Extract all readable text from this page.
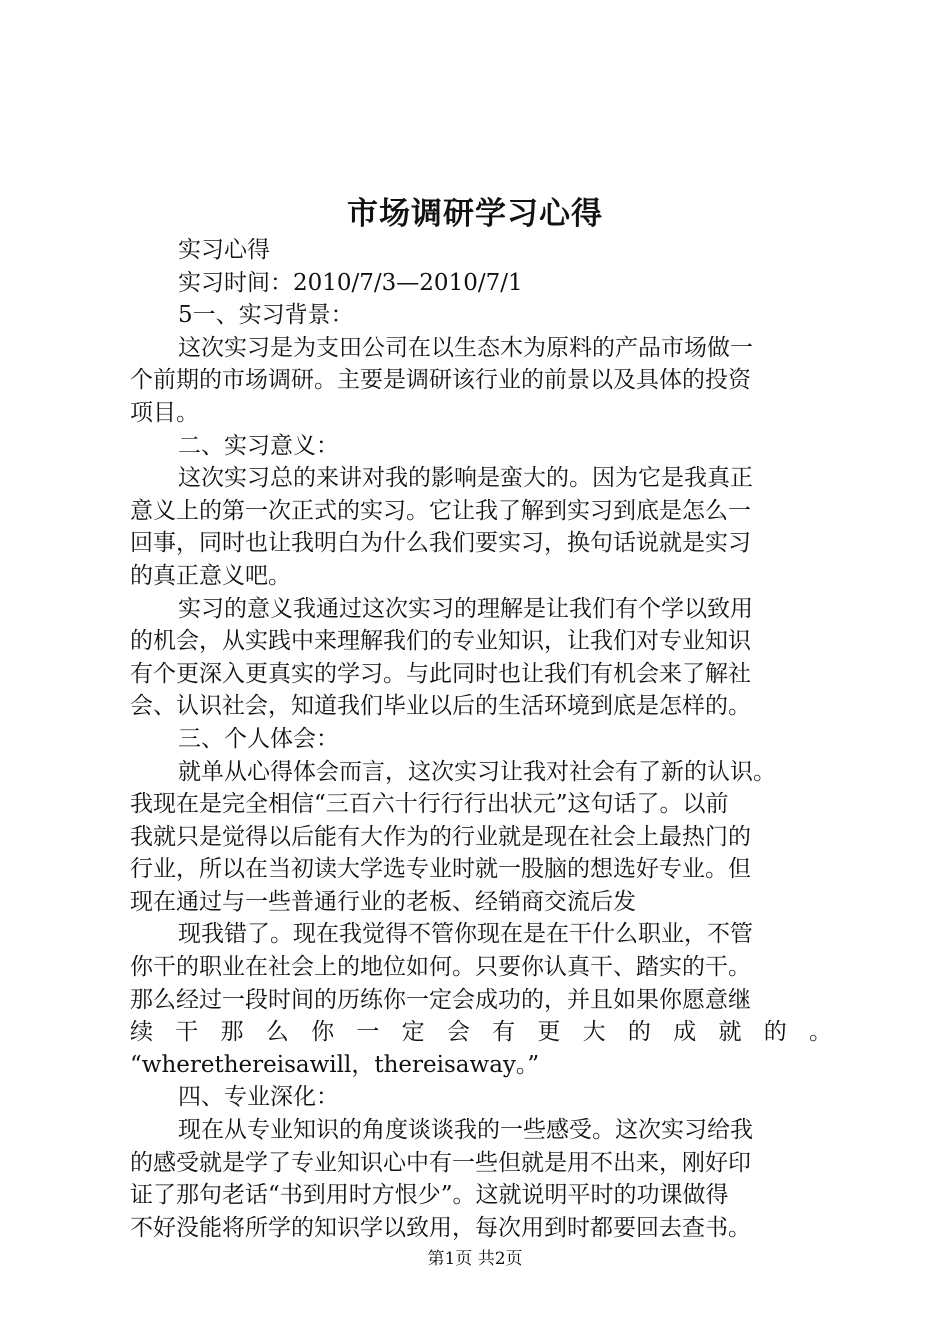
市场调研学习心得
实习心得
实习时间：2010/7/3—2010/7/1
5一、实习背景：
这次实习是为支田公司在以生态木为原料的产品市场做一
个前期的市场调研。主要是调研该行业的前景以及具体的投资
项目。
二、实习意义：
这次实习总的来讲对我的影响是蛮大的。因为它是我真正
意义上的第一次正式的实习。它让我了解到实习到底是怎么一
回事，同时也让我明白为什么我们要实习，换句话说就是实习
的真正意义吧。
实习的意义我通过这次实习的理解是让我们有个学以致用
的机会，从实践中来理解我们的专业知识，让我们对专业知识
有个更深入更真实的学习。与此同时也让我们有机会来了解社
会、认识社会，知道我们毕业以后的生活环境到底是怎样的。
三、个人体会：
就单从心得体会而言，这次实习让我对社会有了新的认识。
我现在是完全相信“三百六十行行行出状元”这句话了。以前
我就只是觉得以后能有大作为的行业就是现在社会上最热门的
行业，所以在当初读大学选专业时就一股脑的想选好专业。但
现在通过与一些普通行业的老板、经销商交流后发
现我错了。现在我觉得不管你现在是在干什么职业，不管
你干的职业在社会上的地位如何。只要你认真干、踏实的干。
那么经过一段时间的历练你一定会成功的，并且如果你愿意继
续 干 那 么 你 一 定 会 有 更 大 的 成 就 的 。
“wherethereisawill，thereisaway。”
四、专业深化：
现在从专业知识的角度谈谈我的一些感受。这次实习给我
的感受就是学了专业知识心中有一些但就是用不出来，刚好印
证了那句老话“书到用时方恨少”。这就说明平时的功课做得
不好没能将所学的知识学以致用，每次用到时都要回去查书。
第1页 共2页
